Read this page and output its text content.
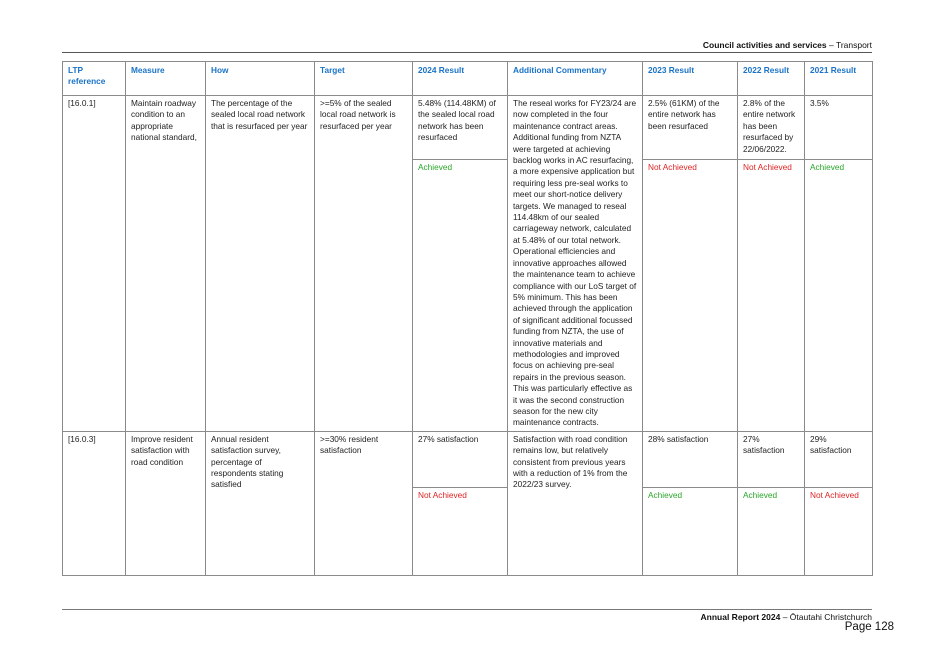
Council activities and services – Transport
LTP reference	Measure	How	Target	2024 Result	Additional Commentary	2023 Result	2022 Result	2021 Result
[16.0.1]	Maintain roadway condition to an appropriate national standard,	The percentage of the sealed local road network that is resurfaced per year	>=5% of the sealed local road network is resurfaced per year	5.48% (114.48KM) of the sealed local road network has been resurfaced	The reseal works for FY23/24 are now completed in the four maintenance contract areas. Additional funding from NZTA were targeted at achieving backlog works in AC resurfacing, a more expensive application but requiring less pre-seal works to meet our short-notice delivery targets. We managed to reseal 114.48km of our sealed carriageway network, calculated at 5.48% of our total network. Operational efficiencies and innovative approaches allowed the maintenance team to achieve compliance with our LoS target of 5% minimum. This has been achieved through the application of significant additional focussed funding from NZTA, the use of innovative materials and methodologies and improved focus on achieving pre-seal repairs in the previous season. This was particularly effective as it was the second construction season for the new city maintenance contracts.	2.5% (61KM) of the entire network has been resurfaced	2.8% of the entire network has been resurfaced by 22/06/2022.	3.5%
				Achieved		Not Achieved	Not Achieved	Achieved
[16.0.3]	Improve resident satisfaction with road condition	Annual resident satisfaction survey, percentage of respondents stating satisfied	>=30% resident satisfaction	27% satisfaction	Satisfaction with road condition remains low, but relatively consistent from previous years with a reduction of 1% from the 2022/23 survey.	28% satisfaction	27% satisfaction	29% satisfaction
				Not Achieved		Achieved	Achieved	Not Achieved
Annual Report 2024 – Ōtautahi Christchurch
Page 128
